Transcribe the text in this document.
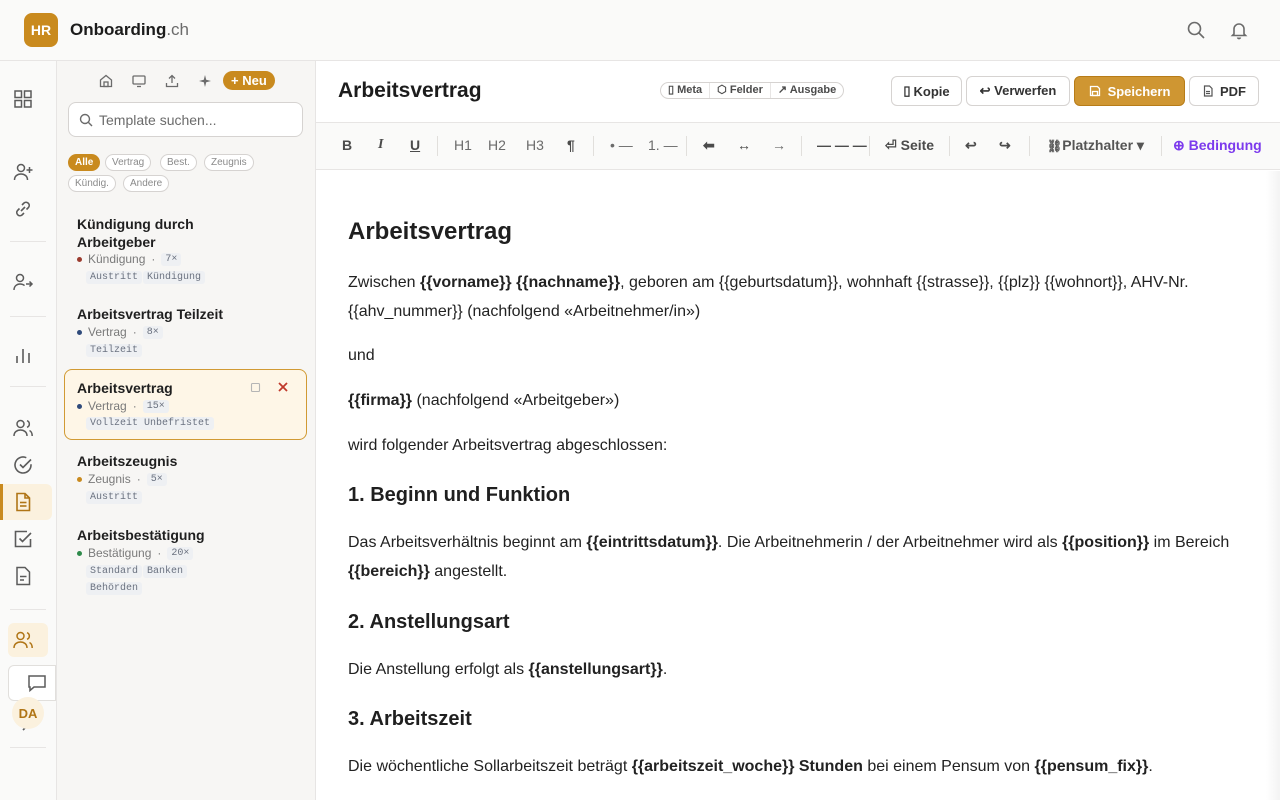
HR	Onboarding.ch
DA
+ Neu
Template suchen...
Alle	Vertrag	Best.	Zeugnis
Kündig.	Andere
Kündigung durch
Arbeitgeber
Kündigung ·	7×
Austritt Kündigung
Arbeitsvertrag Teilzeit
Vertrag ·	8×
Teilzeit
Arbeitsvertrag
Vertrag ·	15×
Vollzeit Unbefristet
Arbeitszeugnis
Zeugnis ·	5×
Austritt
Arbeitsbestätigung
Bestätigung ·	20×
Standard Banken
Behörden
Arbeitsvertrag	▯ Meta	⬡ Felder	↗ Ausgabe	▯ Kopie	↩ Verwerfen	Speichern	PDF
B I U H1 H2 H3 ¶	• — 1. — ⬅ ↔ → — — — ⏎ Seite ↩ ↪	⛓Platzhalter ▾ ⊕ Bedingung
Arbeitsvertrag

Zwischen {{vorname}} {{nachname}}, geboren am {{geburtsdatum}}, wohnhaft {{strasse}}, {{plz}} {{wohnort}}, AHV-Nr. {{ahv_nummer}} (nachfolgend «Arbeitnehmer/in»)

und

{{firma}} (nachfolgend «Arbeitgeber»)

wird folgender Arbeitsvertrag abgeschlossen:

1. Beginn und Funktion

Das Arbeitsverhältnis beginnt am {{eintrittsdatum}}. Die Arbeitnehmerin / der Arbeitnehmer wird als {{position}} im Bereich {{bereich}} angestellt.

2. Anstellungsart

Die Anstellung erfolgt als {{anstellungsart}}.

3. Arbeitszeit

Die wöchentliche Sollarbeitszeit beträgt {{arbeitszeit_woche}} Stunden bei einem Pensum von {{pensum_fix}}.
